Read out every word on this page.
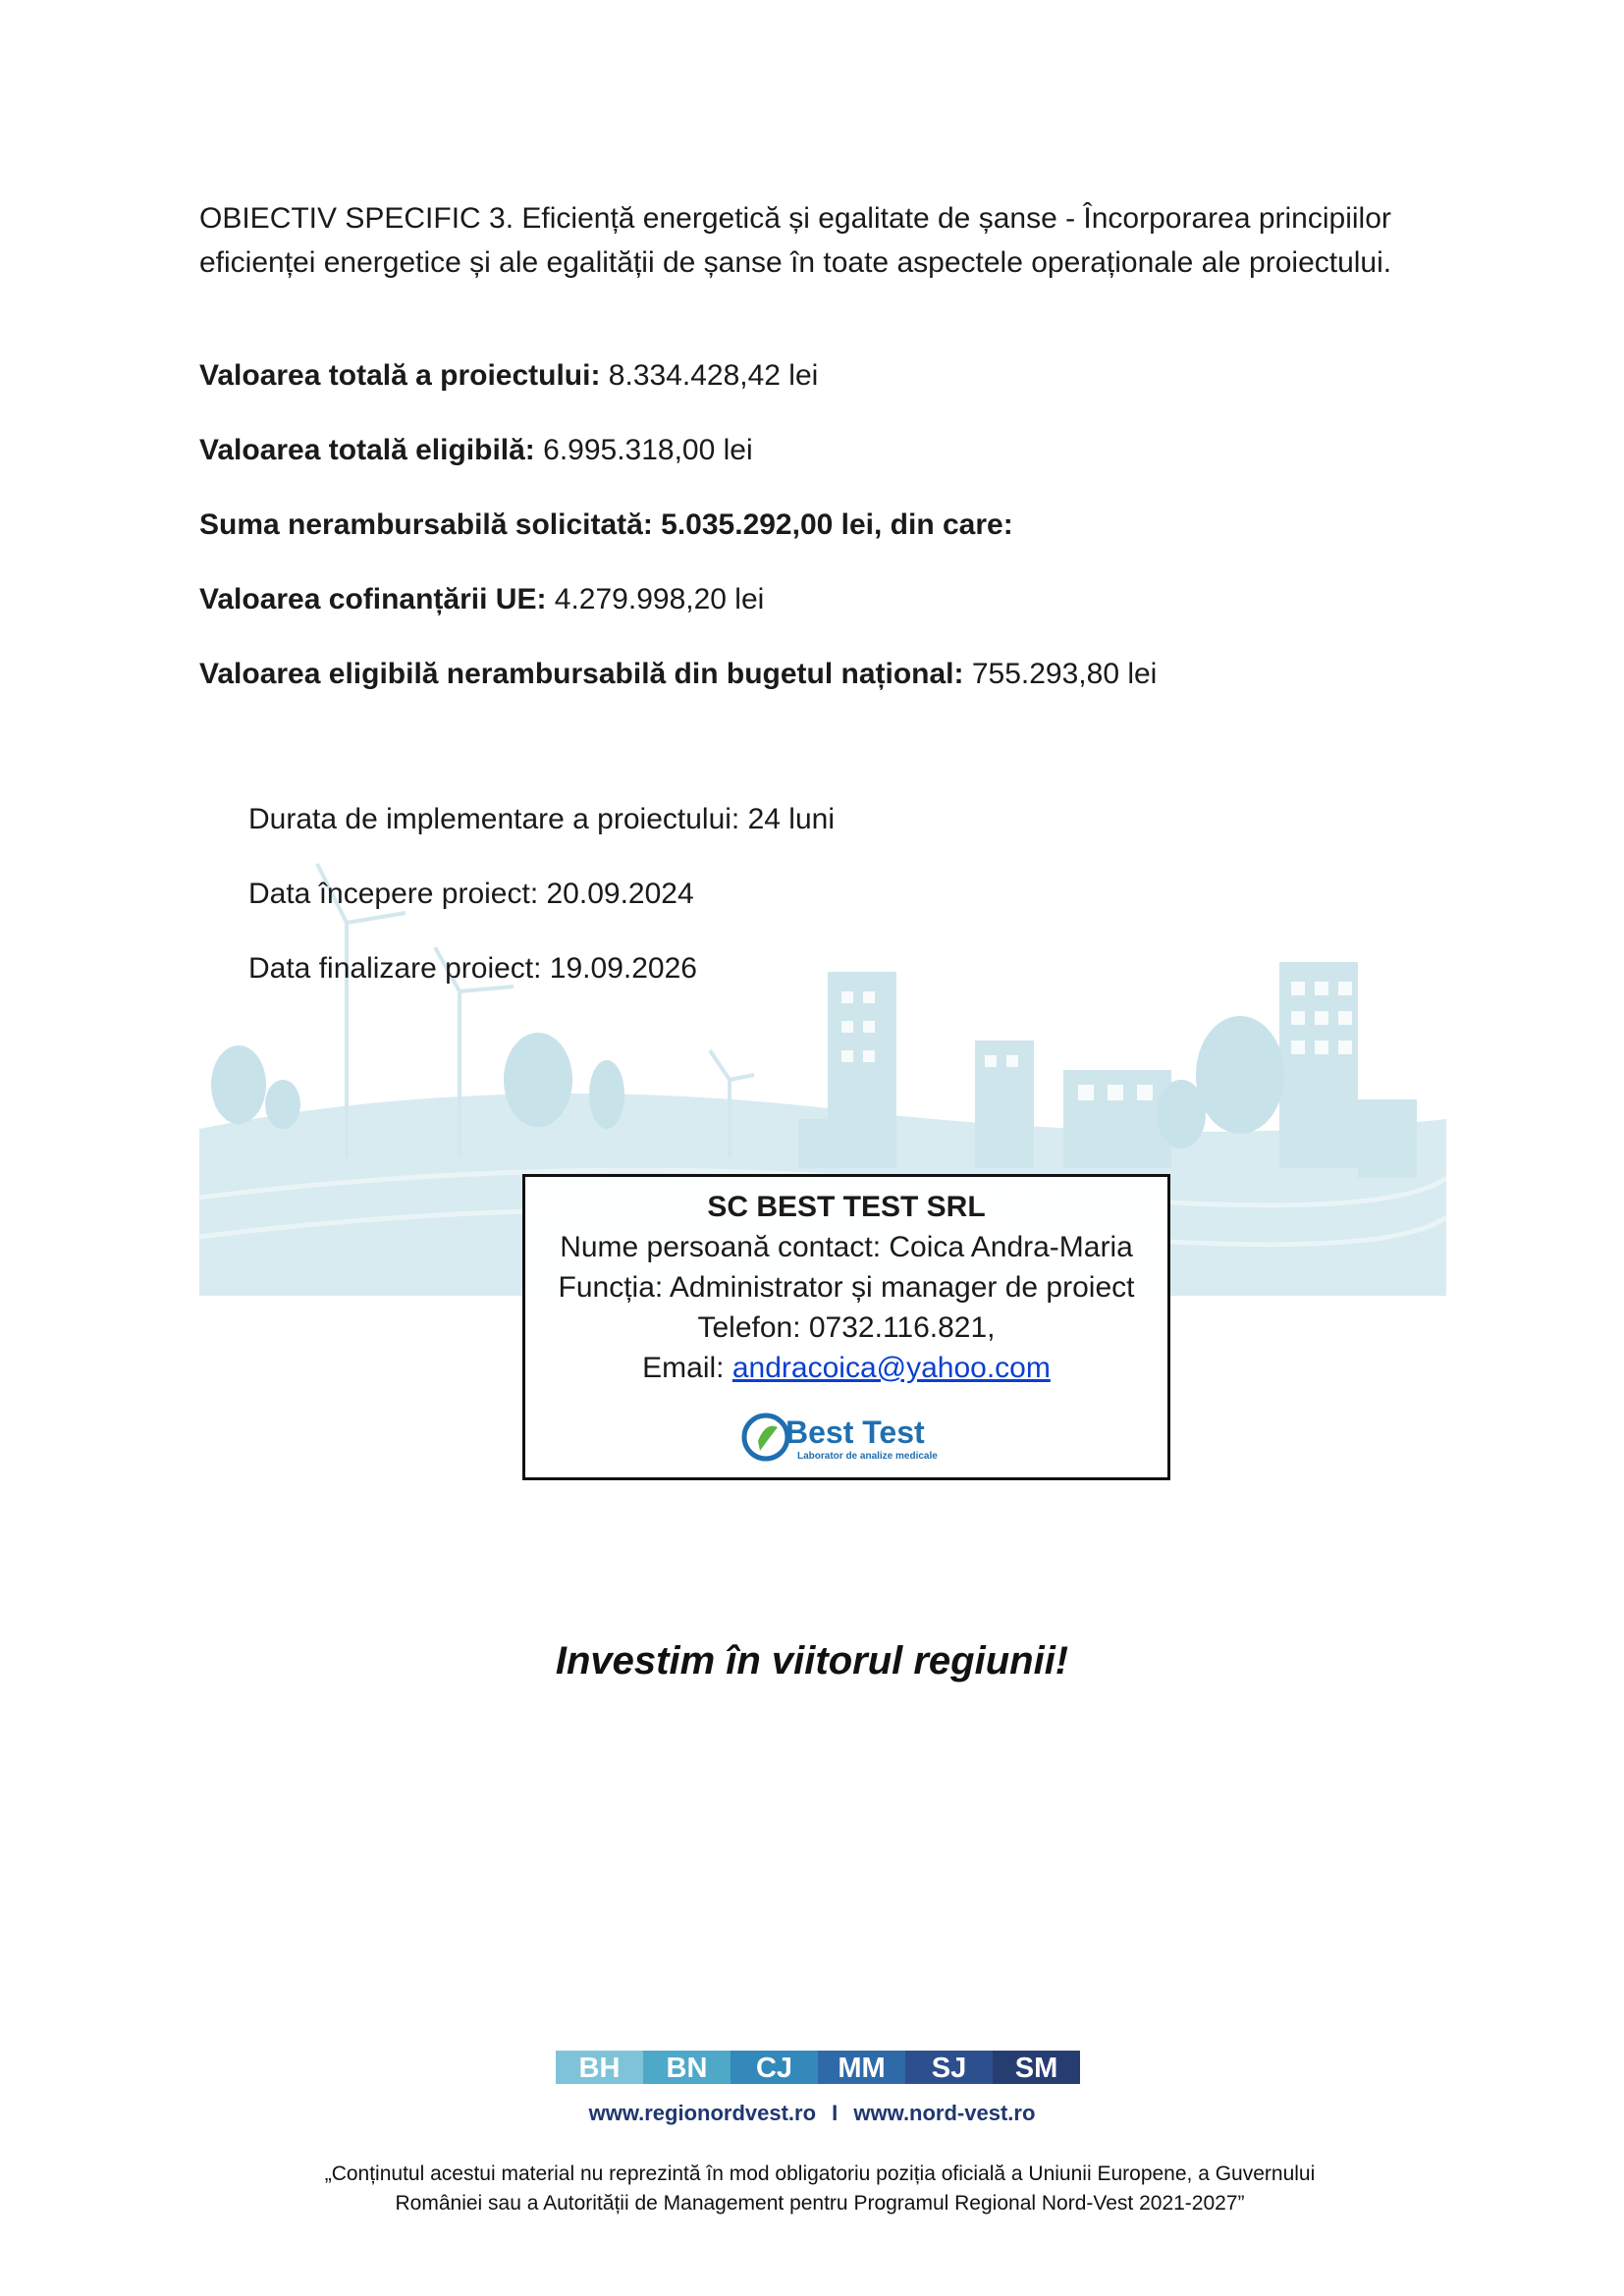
OBIECTIV SPECIFIC 3. Eficiență energetică și egalitate de șanse - Încorporarea principiilor eficienței energetice și ale egalității de șanse în toate aspectele operaționale ale proiectului.

Valoarea totală a proiectului: 8.334.428,42 lei

Valoarea totală eligibilă: 6.995.318,00 lei

Suma nerambursabilă solicitată: 5.035.292,00 lei, din care:

Valoarea cofinanțării UE: 4.279.998,20 lei

Valoarea eligibilă nerambursabilă din bugetul național: 755.293,80 lei

Durata de implementare a proiectului: 24 luni

Data începere proiect: 20.09.2024

Data finalizare proiect: 19.09.2026

SC BEST TEST SRL
Nume persoană contact: Coica Andra-Maria
Funcția: Administrator și manager de proiect
Telefon: 0732.116.821,
Email: andracoica@yahoo.com
Best Test
Laborator de analize medicale
Investim în viitorul regiunii!
BH	BN	CJ	MM	SJ	SM
www.regionordvest.ro I www.nord-vest.ro
„Conținutul acestui material nu reprezintă în mod obligatoriu poziția oficială a Uniunii Europene, a Guvernului
României sau a Autorității de Management pentru Programul Regional Nord-Vest 2021-2027”
